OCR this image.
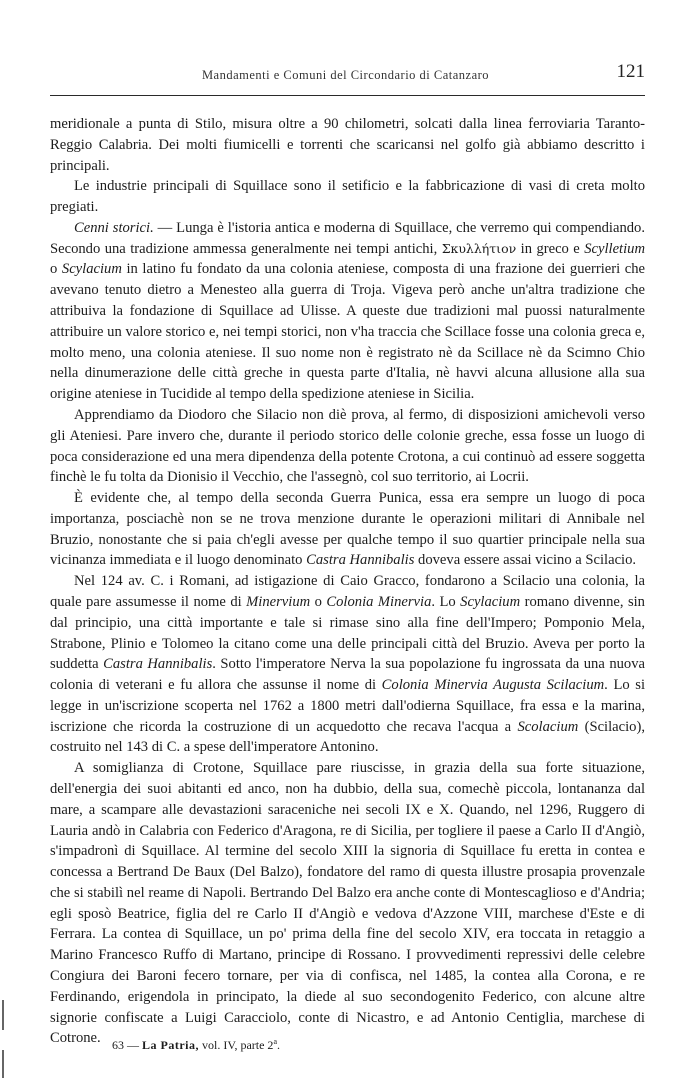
Mandamenti e Comuni del Circondario di Catanzaro	121

meridionale a punta di Stilo, misura oltre a 90 chilometri, solcati dalla linea ferroviaria Taranto-Reggio Calabria. Dei molti fiumicelli e torrenti che scaricansi nel golfo già abbiamo descritto i principali.

Le industrie principali di Squillace sono il setificio e la fabbricazione di vasi di creta molto pregiati.

Cenni storici. — Lunga è l'istoria antica e moderna di Squillace, che verremo qui compendiando. Secondo una tradizione ammessa generalmente nei tempi antichi, Σκυλλήτιον in greco e Scylletium o Scylacium in latino fu fondato da una colonia ateniese, composta di una frazione dei guerrieri che avevano tenuto dietro a Menesteo alla guerra di Troja. Vigeva però anche un'altra tradizione che attribuiva la fondazione di Squillace ad Ulisse. A queste due tradizioni mal puossi naturalmente attribuire un valore storico e, nei tempi storici, non v'ha traccia che Scillace fosse una colonia greca e, molto meno, una colonia ateniese. Il suo nome non è registrato nè da Scillace nè da Scimno Chio nella dinumerazione delle città greche in questa parte d'Italia, nè havvi alcuna allusione alla sua origine ateniese in Tucidide al tempo della spedizione ateniese in Sicilia.

Apprendiamo da Diodoro che Silacio non diè prova, al fermo, di disposizioni amichevoli verso gli Ateniesi. Pare invero che, durante il periodo storico delle colonie greche, essa fosse un luogo di poca considerazione ed una mera dipendenza della potente Crotona, a cui continuò ad essere soggetta finchè le fu tolta da Dionisio il Vecchio, che l'assegnò, col suo territorio, ai Locrii.

È evidente che, al tempo della seconda Guerra Punica, essa era sempre un luogo di poca importanza, posciachè non se ne trova menzione durante le operazioni militari di Annibale nel Bruzio, nonostante che si paia ch'egli avesse per qualche tempo il suo quartier principale nella sua vicinanza immediata e il luogo denominato Castra Hannibalis doveva essere assai vicino a Scilacio.

Nel 124 av. C. i Romani, ad istigazione di Caio Gracco, fondarono a Scilacio una colonia, la quale pare assumesse il nome di Minervium o Colonia Minervia. Lo Scylacium romano divenne, sin dal principio, una città importante e tale si rimase sino alla fine dell'Impero; Pomponio Mela, Strabone, Plinio e Tolomeo la citano come una delle principali città del Bruzio. Aveva per porto la suddetta Castra Hannibalis. Sotto l'imperatore Nerva la sua popolazione fu ingrossata da una nuova colonia di veterani e fu allora che assunse il nome di Colonia Minervia Augusta Scilacium. Lo si legge in un'iscrizione scoperta nel 1762 a 1800 metri dall'odierna Squillace, fra essa e la marina, iscrizione che ricorda la costruzione di un acquedotto che recava l'acqua a Scolacium (Scilacio), costruito nel 143 di C. a spese dell'imperatore Antonino.

A somiglianza di Crotone, Squillace pare riuscisse, in grazia della sua forte situazione, dell'energia dei suoi abitanti ed anco, non ha dubbio, della sua, comechè piccola, lontananza dal mare, a scampare alle devastazioni saraceniche nei secoli IX e X. Quando, nel 1296, Ruggero di Lauria andò in Calabria con Federico d'Aragona, re di Sicilia, per togliere il paese a Carlo II d'Angiò, s'impadronì di Squillace. Al termine del secolo XIII la signoria di Squillace fu eretta in contea e concessa a Bertrand De Baux (Del Balzo), fondatore del ramo di questa illustre prosapia provenzale che si stabilì nel reame di Napoli. Bertrando Del Balzo era anche conte di Montescaglioso e d'Andria; egli sposò Beatrice, figlia del re Carlo II d'Angiò e vedova d'Azzone VIII, marchese d'Este e di Ferrara. La contea di Squillace, un po' prima della fine del secolo XIV, era toccata in retaggio a Marino Francesco Ruffo di Martano, principe di Rossano. I provvedimenti repressivi delle celebre Congiura dei Baroni fecero tornare, per via di confisca, nel 1485, la contea alla Corona, e re Ferdinando, erigendola in principato, la diede al suo secondogenito Federico, con alcune altre signorie confiscate a Luigi Caracciolo, conte di Nicastro, e ad Antonio Centiglia, marchese di Cotrone. 63 — La Patria, vol. IV, parte 2$^a$.
